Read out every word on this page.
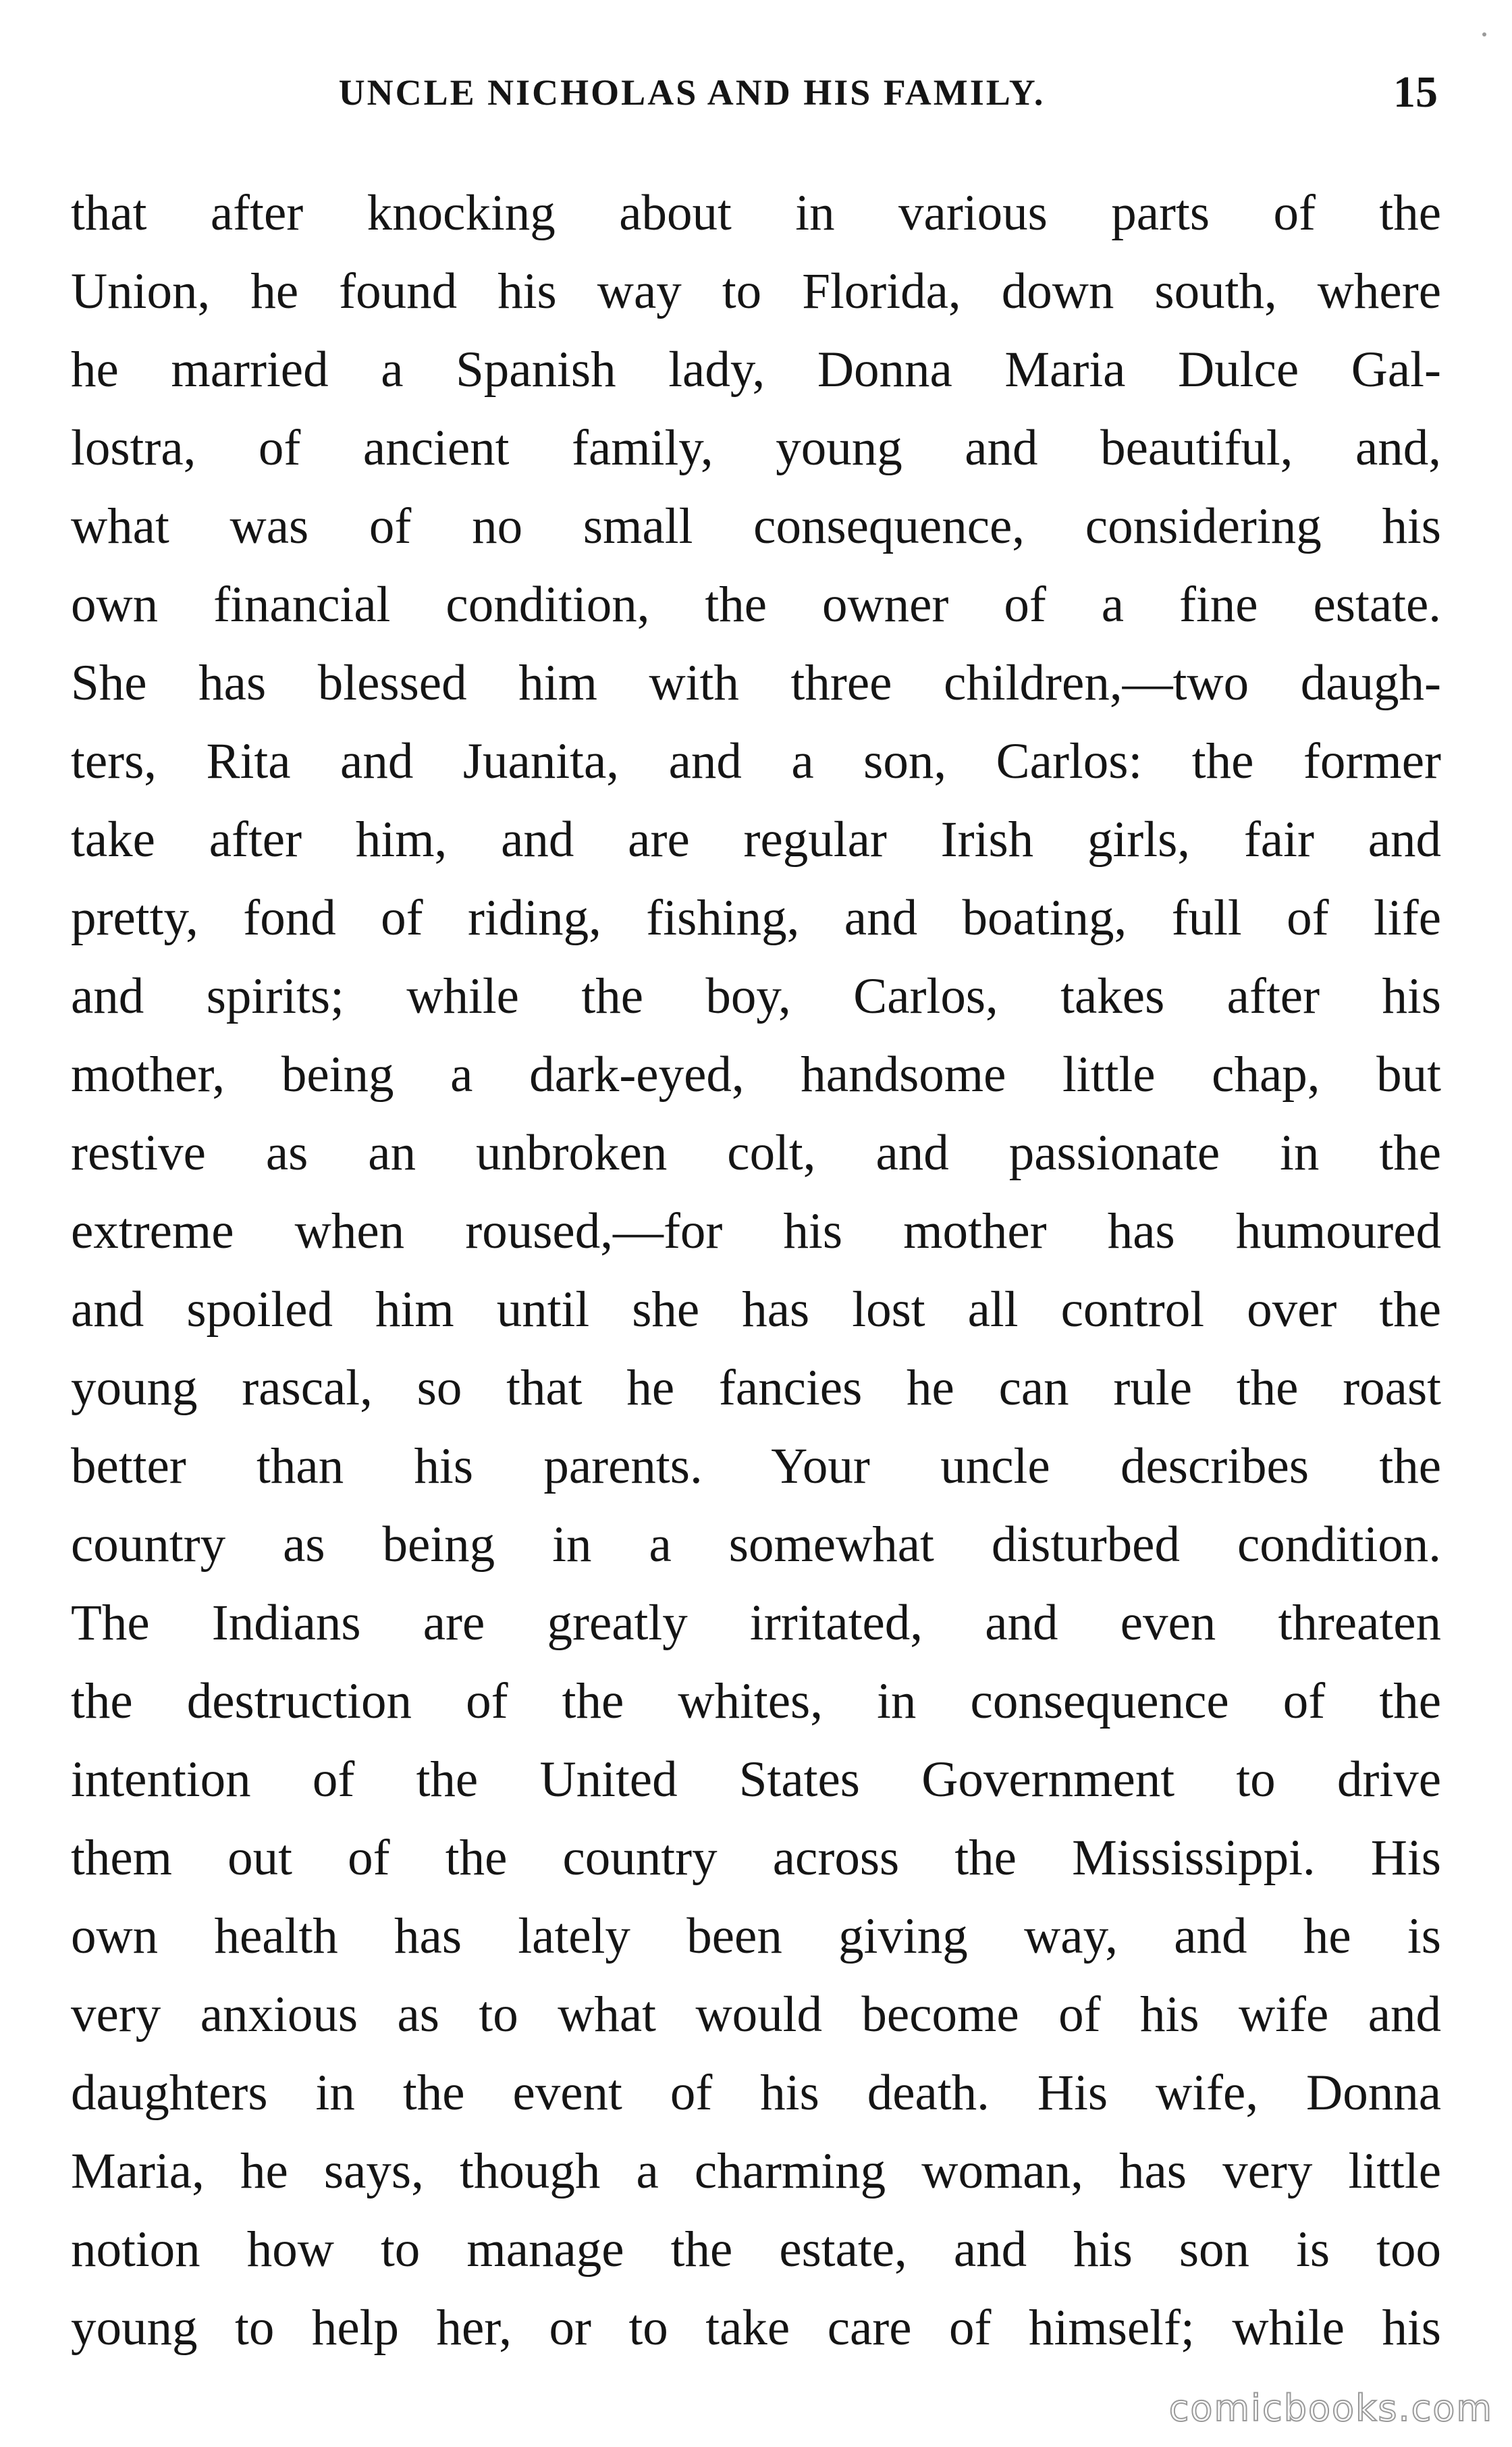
UNCLE NICHOLAS AND HIS FAMILY.	15
that after knocking about in various parts of the
Union, he found his way to Florida, down south, where
he married a Spanish lady, Donna Maria Dulce Gal-
lostra, of ancient family, young and beautiful, and,
what was of no small consequence, considering his
own financial condition, the owner of a fine estate.
She has blessed him with three children,—two daugh-
ters, Rita and Juanita, and a son, Carlos: the former
take after him, and are regular Irish girls, fair and
pretty, fond of riding, fishing, and boating, full of life
and spirits; while the boy, Carlos, takes after his
mother, being a dark-eyed, handsome little chap, but
restive as an unbroken colt, and passionate in the
extreme when roused,—for his mother has humoured
and spoiled him until she has lost all control over the
young rascal, so that he fancies he can rule the roast
better than his parents. Your uncle describes the
country as being in a somewhat disturbed condition.
The Indians are greatly irritated, and even threaten
the destruction of the whites, in consequence of the
intention of the United States Government to drive
them out of the country across the Mississippi. His
own health has lately been giving way, and he is
very anxious as to what would become of his wife and
daughters in the event of his death. His wife, Donna
Maria, he says, though a charming woman, has very little
notion how to manage the estate, and his son is too
young to help her, or to take care of himself; while his
comicbooks.com
